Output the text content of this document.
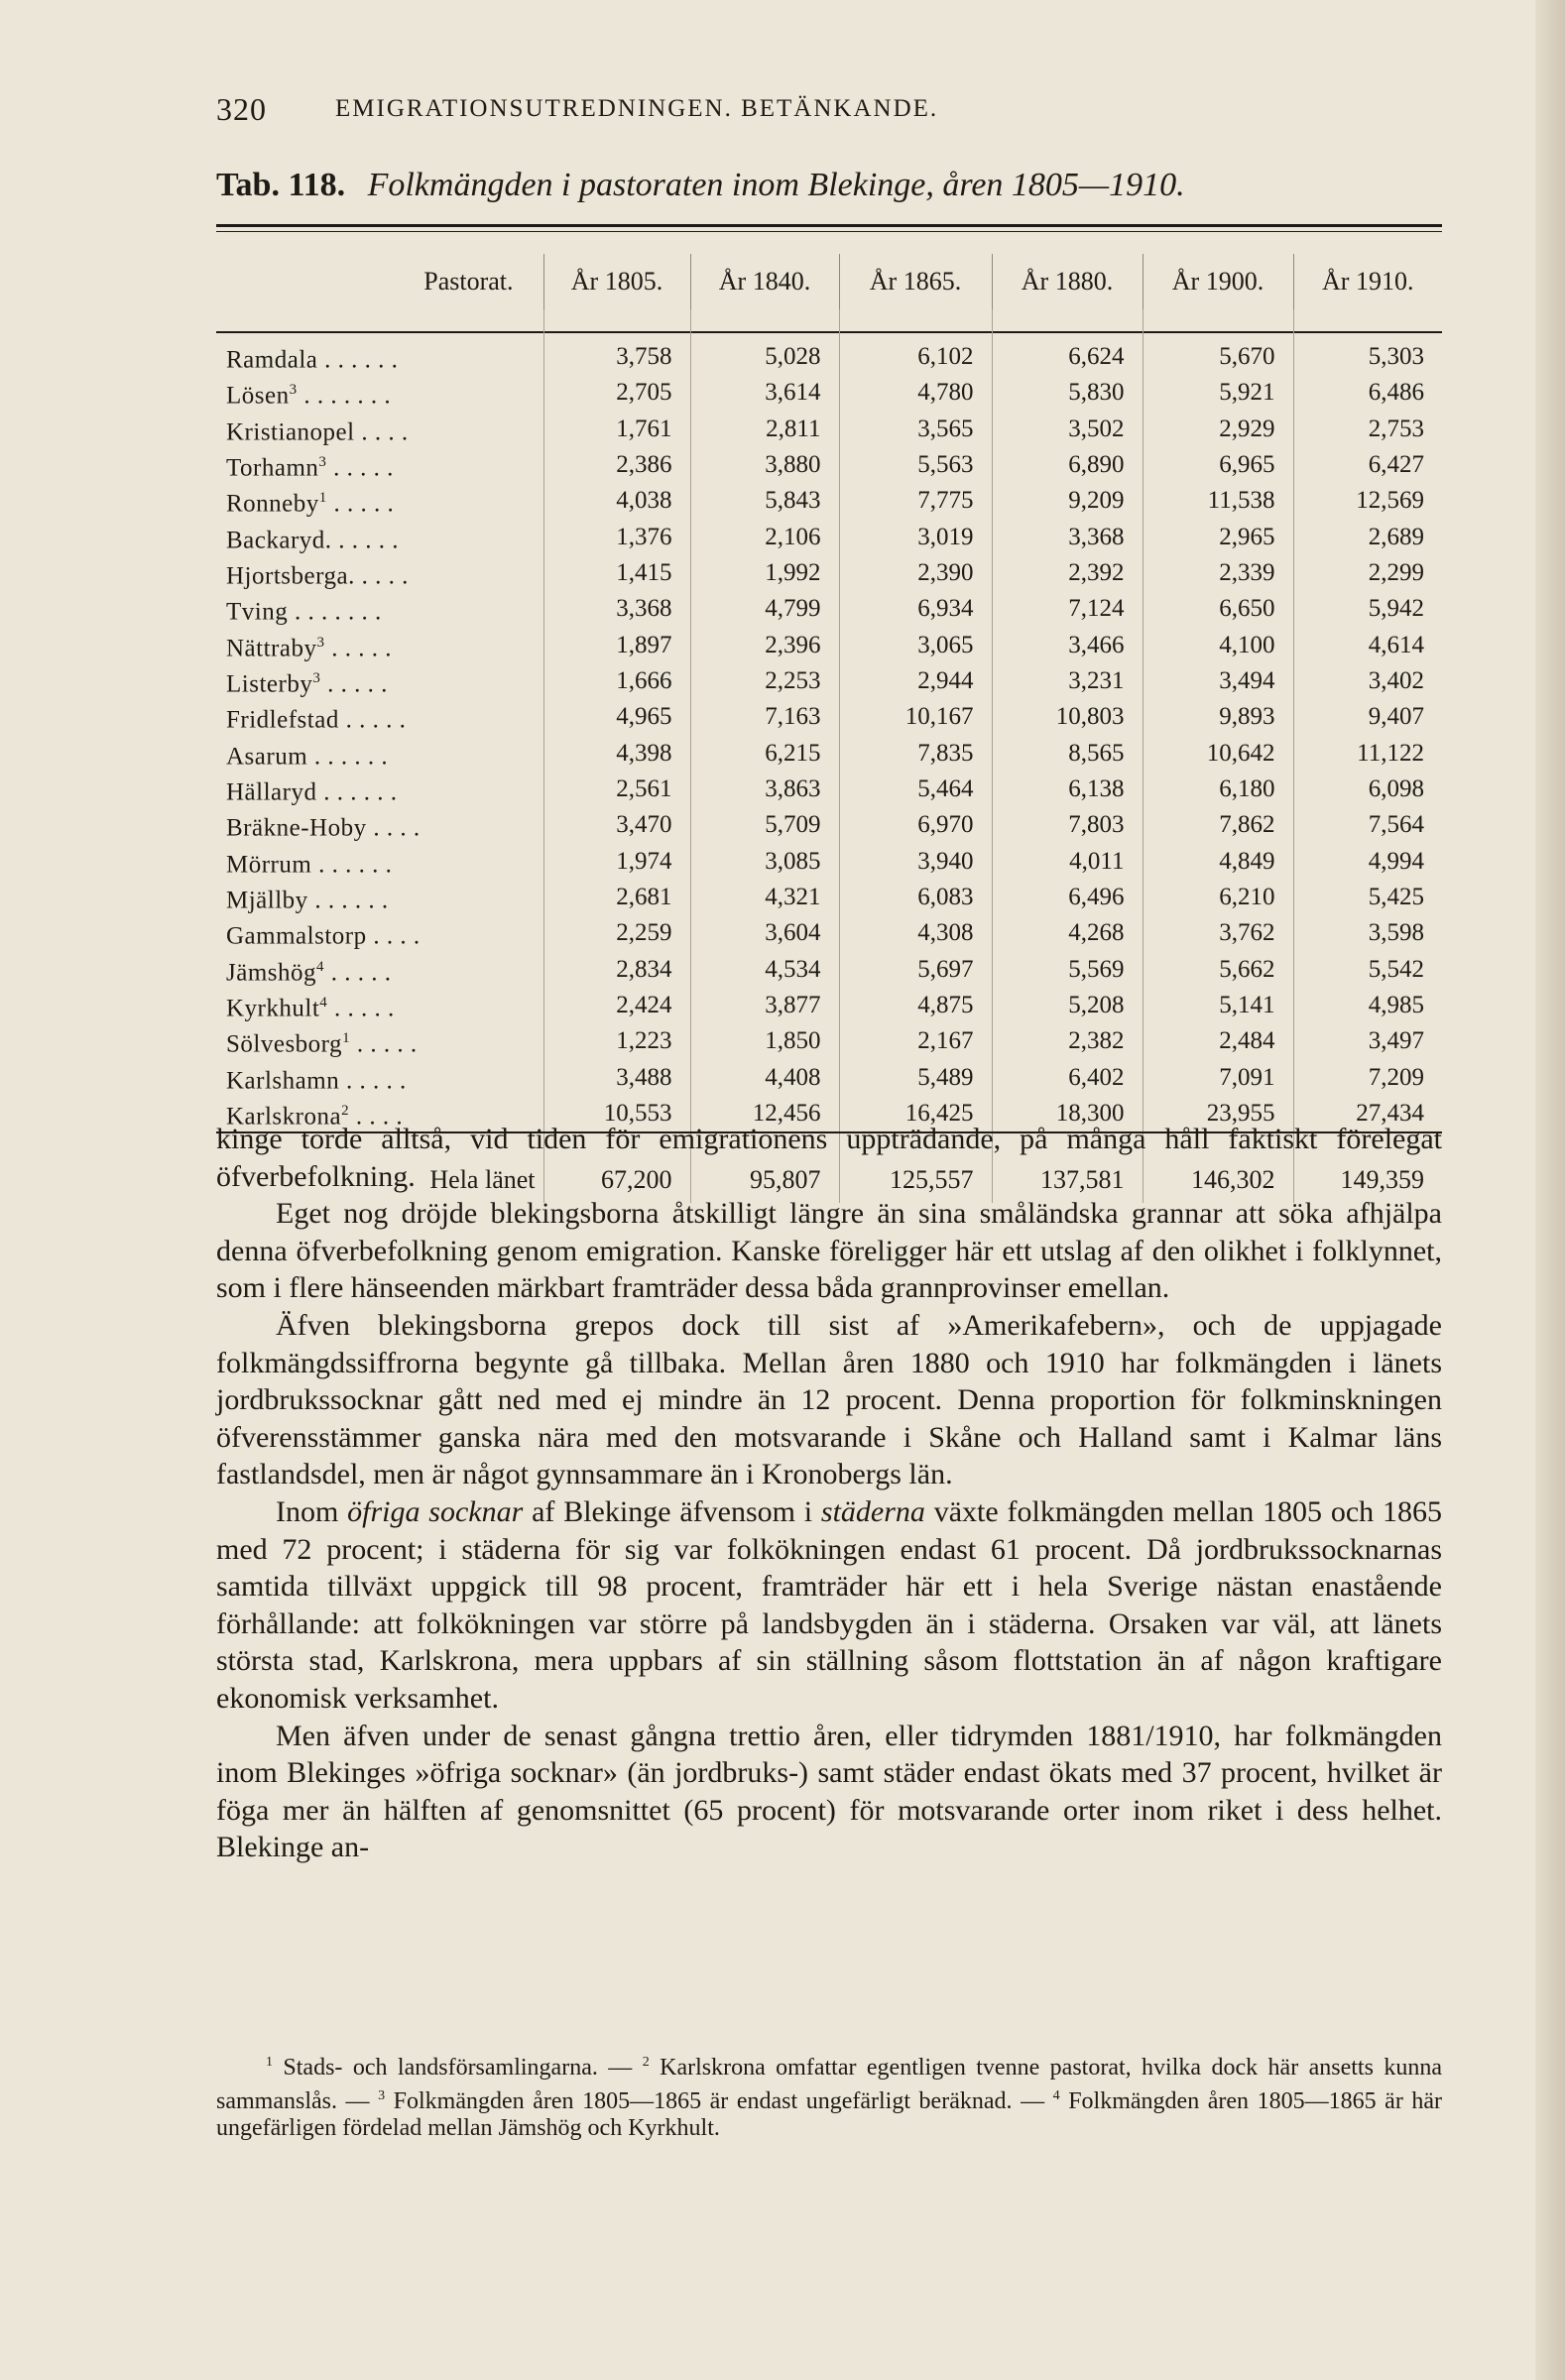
320	EMIGRATIONSUTREDNINGEN. BETÄNKANDE.
Tab. 118. Folkmängden i pastoraten inom Blekinge, åren 1805—1910.
Pastorat.	År 1805.	År 1840.	År 1865.	År 1880.	År 1900.	År 1910.

Ramdala . . . . . .	3,758	5,028	6,102	6,624	5,670	5,303
Lösen$^3$ . . . . . . .	2,705	3,614	4,780	5,830	5,921	6,486
Kristianopel . . . .	1,761	2,811	3,565	3,502	2,929	2,753
Torhamn$^3$ . . . . .	2,386	3,880	5,563	6,890	6,965	6,427
Ronneby$^1$ . . . . .	4,038	5,843	7,775	9,209	11,538	12,569
Backaryd. . . . . .	1,376	2,106	3,019	3,368	2,965	2,689
Hjortsberga. . . . .	1,415	1,992	2,390	2,392	2,339	2,299
Tving . . . . . . .	3,368	4,799	6,934	7,124	6,650	5,942
Nättraby$^3$ . . . . .	1,897	2,396	3,065	3,466	4,100	4,614
Listerby$^3$ . . . . .	1,666	2,253	2,944	3,231	3,494	3,402
Fridlefstad . . . . .	4,965	7,163	10,167	10,803	9,893	9,407
Asarum . . . . . .	4,398	6,215	7,835	8,565	10,642	11,122
Hällaryd . . . . . .	2,561	3,863	5,464	6,138	6,180	6,098
Bräkne-Hoby . . . .	3,470	5,709	6,970	7,803	7,862	7,564
Mörrum . . . . . .	1,974	3,085	3,940	4,011	4,849	4,994
Mjällby . . . . . .	2,681	4,321	6,083	6,496	6,210	5,425
Gammalstorp . . . .	2,259	3,604	4,308	4,268	3,762	3,598
Jämshög$^4$ . . . . .	2,834	4,534	5,697	5,569	5,662	5,542
Kyrkhult$^4$ . . . . .	2,424	3,877	4,875	5,208	5,141	4,985
Sölvesborg$^1$ . . . . .	1,223	1,850	2,167	2,382	2,484	3,497
Karlshamn . . . . .	3,488	4,408	5,489	6,402	7,091	7,209
Karlskrona$^2$ . . . .	10,553	12,456	16,425	18,300	23,955	27,434
Hela länet	67,200	95,807	125,557	137,581	146,302	149,359

kinge torde alltså, vid tiden för emigrationens uppträdande, på många håll faktiskt förelegat öfverbefolkning.

Eget nog dröjde blekingsborna åtskilligt längre än sina småländska grannar att söka afhjälpa denna öfverbefolkning genom emigration. Kanske föreligger här ett utslag af den olikhet i folklynnet, som i flere hänseenden märkbart framträder dessa båda grannprovinser emellan.

Äfven blekingsborna grepos dock till sist af »Amerikafebern», och de uppjagade folkmängdssiffrorna begynte gå tillbaka. Mellan åren 1880 och 1910 har folkmängden i länets jordbrukssocknar gått ned med ej mindre än 12 procent. Denna proportion för folkminskningen öfverensstämmer ganska nära med den motsvarande i Skåne och Halland samt i Kalmar läns fastlandsdel, men är något gynnsammare än i Kronobergs län.

Inom öfriga socknar af Blekinge äfvensom i städerna växte folkmängden mellan 1805 och 1865 med 72 procent; i städerna för sig var folkökningen endast 61 procent. Då jordbrukssocknarnas samtida tillväxt uppgick till 98 procent, framträder här ett i hela Sverige nästan enastående förhållande: att folkökningen var större på landsbygden än i städerna. Orsaken var väl, att länets största stad, Karlskrona, mera uppbars af sin ställning såsom flottstation än af någon kraftigare ekonomisk verksamhet.

Men äfven under de senast gångna trettio åren, eller tidrymden 1881/1910, har folkmängden inom Blekinges »öfriga socknar» (än jordbruks-) samt städer endast ökats med 37 procent, hvilket är föga mer än hälften af genomsnittet (65 procent) för motsvarande orter inom riket i dess helhet. Blekinge an-

$^1$ Stads- och landsförsamlingarna. — $^2$ Karlskrona omfattar egentligen tvenne pastorat, hvilka dock här ansetts kunna sammanslås. — $^3$ Folkmängden åren 1805—1865 är endast ungefärligt beräknad. — $^4$ Folkmängden åren 1805—1865 är här ungefärligen fördelad mellan Jämshög och Kyrkhult.
